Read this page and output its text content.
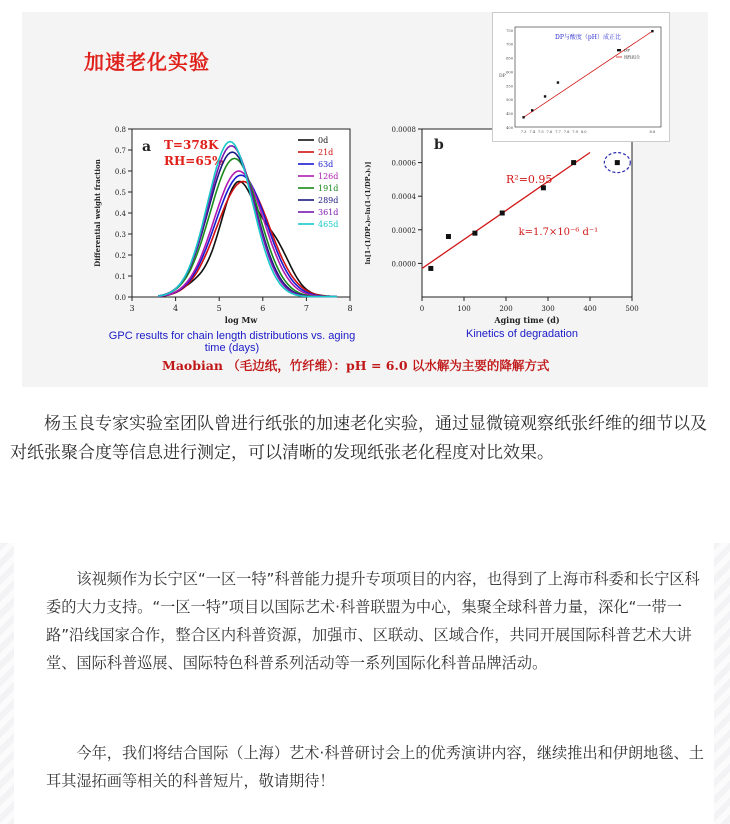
加速老化实验
3	4	5	6	7	8
0.0
0.1
0.2
0.3
0.4
0.5
0.6
0.7
0.8
log Mw
Differential weight fraction
a T=378K
RH=65%
0d
21d
63d
126d
191d
289d
361d
465d
GPC results for chain length distributions vs. aging time (days)
0	100	200	300	400	500
0.0000
0.0002
0.0004
0.0006
0.0008
Aging time (d)
ln[1-(1/DPₙ)₀-ln(1-(1/DPₙ)ₜ)]
b
R²=0.95
k=1.7×10⁻⁶ d⁻¹
Kinetics of degradation
DP与酸度（pH）成正比
400
450
500
550
600
650
700
750
7.3 7.4 7.5 7.6 7.7 7.8 7.9 8.0	8.8
DP
DP
线性拟合
Maobian （毛边纸，竹纤维）：pH = 6.0 以水解为主要的降解方式

杨玉良专家实验室团队曾进行纸张的加速老化实验，通过显微镜观察纸张纤维的细节以及对纸张聚合度等信息进行测定，可以清晰的发现纸张老化程度对比效果。

该视频作为长宁区“一区一特”科普能力提升专项项目的内容，也得到了上海市科委和长宁区科委的大力支持。“一区一特”项目以国际艺术·科普联盟为中心，集聚全球科普力量，深化“一带一路”沿线国家合作，整合区内科普资源，加强市、区联动、区域合作，共同开展国际科普艺术大讲堂、国际科普巡展、国际特色科普系列活动等一系列国际化科普品牌活动。

今年，我们将结合国际（上海）艺术·科普研讨会上的优秀演讲内容，继续推出和伊朗地毯、土耳其湿拓画等相关的科普短片，敬请期待！
